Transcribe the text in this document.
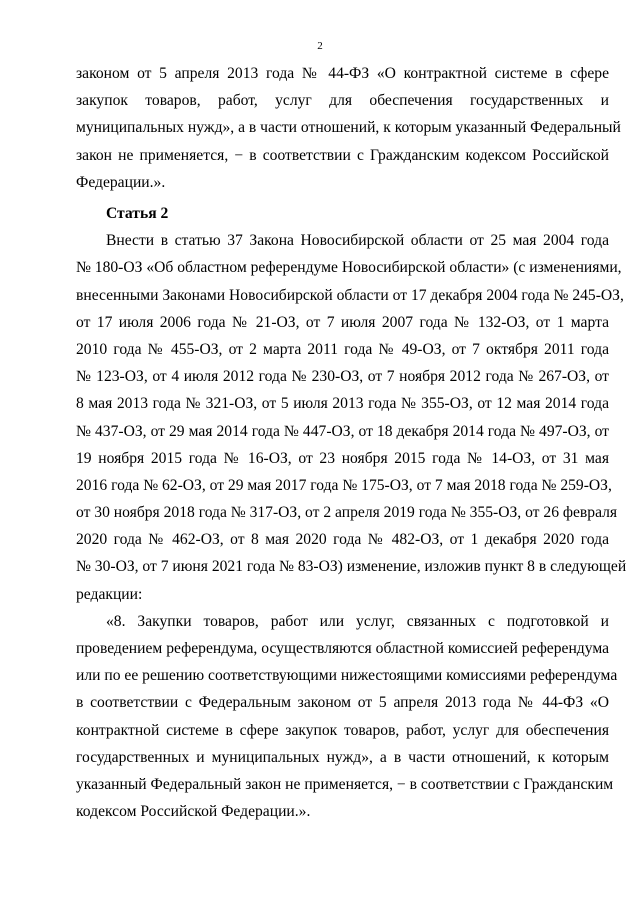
2
законом от 5 апреля 2013 года № 44-ФЗ «О контрактной системе в сфере
закупок товаров, работ, услуг для обеспечения государственных и
муниципальных нужд», а в части отношений, к которым указанный Федеральный
закон не применяется, − в соответствии с Гражданским кодексом Российской
Федерации.».
Статья 2
Внести в статью 37 Закона Новосибирской области от 25 мая 2004 года
№ 180-ОЗ «Об областном референдуме Новосибирской области» (с изменениями,
внесенными Законами Новосибирской области от 17 декабря 2004 года № 245-ОЗ,
от 17 июля 2006 года № 21-ОЗ, от 7 июля 2007 года № 132-ОЗ, от 1 марта
2010 года № 455-ОЗ, от 2 марта 2011 года № 49-ОЗ, от 7 октября 2011 года
№ 123-ОЗ, от 4 июля 2012 года № 230-ОЗ, от 7 ноября 2012 года № 267-ОЗ, от
8 мая 2013 года № 321-ОЗ, от 5 июля 2013 года № 355-ОЗ, от 12 мая 2014 года
№ 437-ОЗ, от 29 мая 2014 года № 447-ОЗ, от 18 декабря 2014 года № 497-ОЗ, от
19 ноября 2015 года № 16-ОЗ, от 23 ноября 2015 года № 14-ОЗ, от 31 мая
2016 года № 62-ОЗ, от 29 мая 2017 года № 175-ОЗ, от 7 мая 2018 года № 259-ОЗ,
от 30 ноября 2018 года № 317-ОЗ, от 2 апреля 2019 года № 355-ОЗ, от 26 февраля
2020 года № 462-ОЗ, от 8 мая 2020 года № 482-ОЗ, от 1 декабря 2020 года
№ 30-ОЗ, от 7 июня 2021 года № 83-ОЗ) изменение, изложив пункт 8 в следующей
редакции:
«8. Закупки товаров, работ или услуг, связанных с подготовкой и
проведением референдума, осуществляются областной комиссией референдума
или по ее решению соответствующими нижестоящими комиссиями референдума
в соответствии с Федеральным законом от 5 апреля 2013 года № 44-ФЗ «О
контрактной системе в сфере закупок товаров, работ, услуг для обеспечения
государственных и муниципальных нужд», а в части отношений, к которым
указанный Федеральный закон не применяется, − в соответствии с Гражданским
кодексом Российской Федерации.».
